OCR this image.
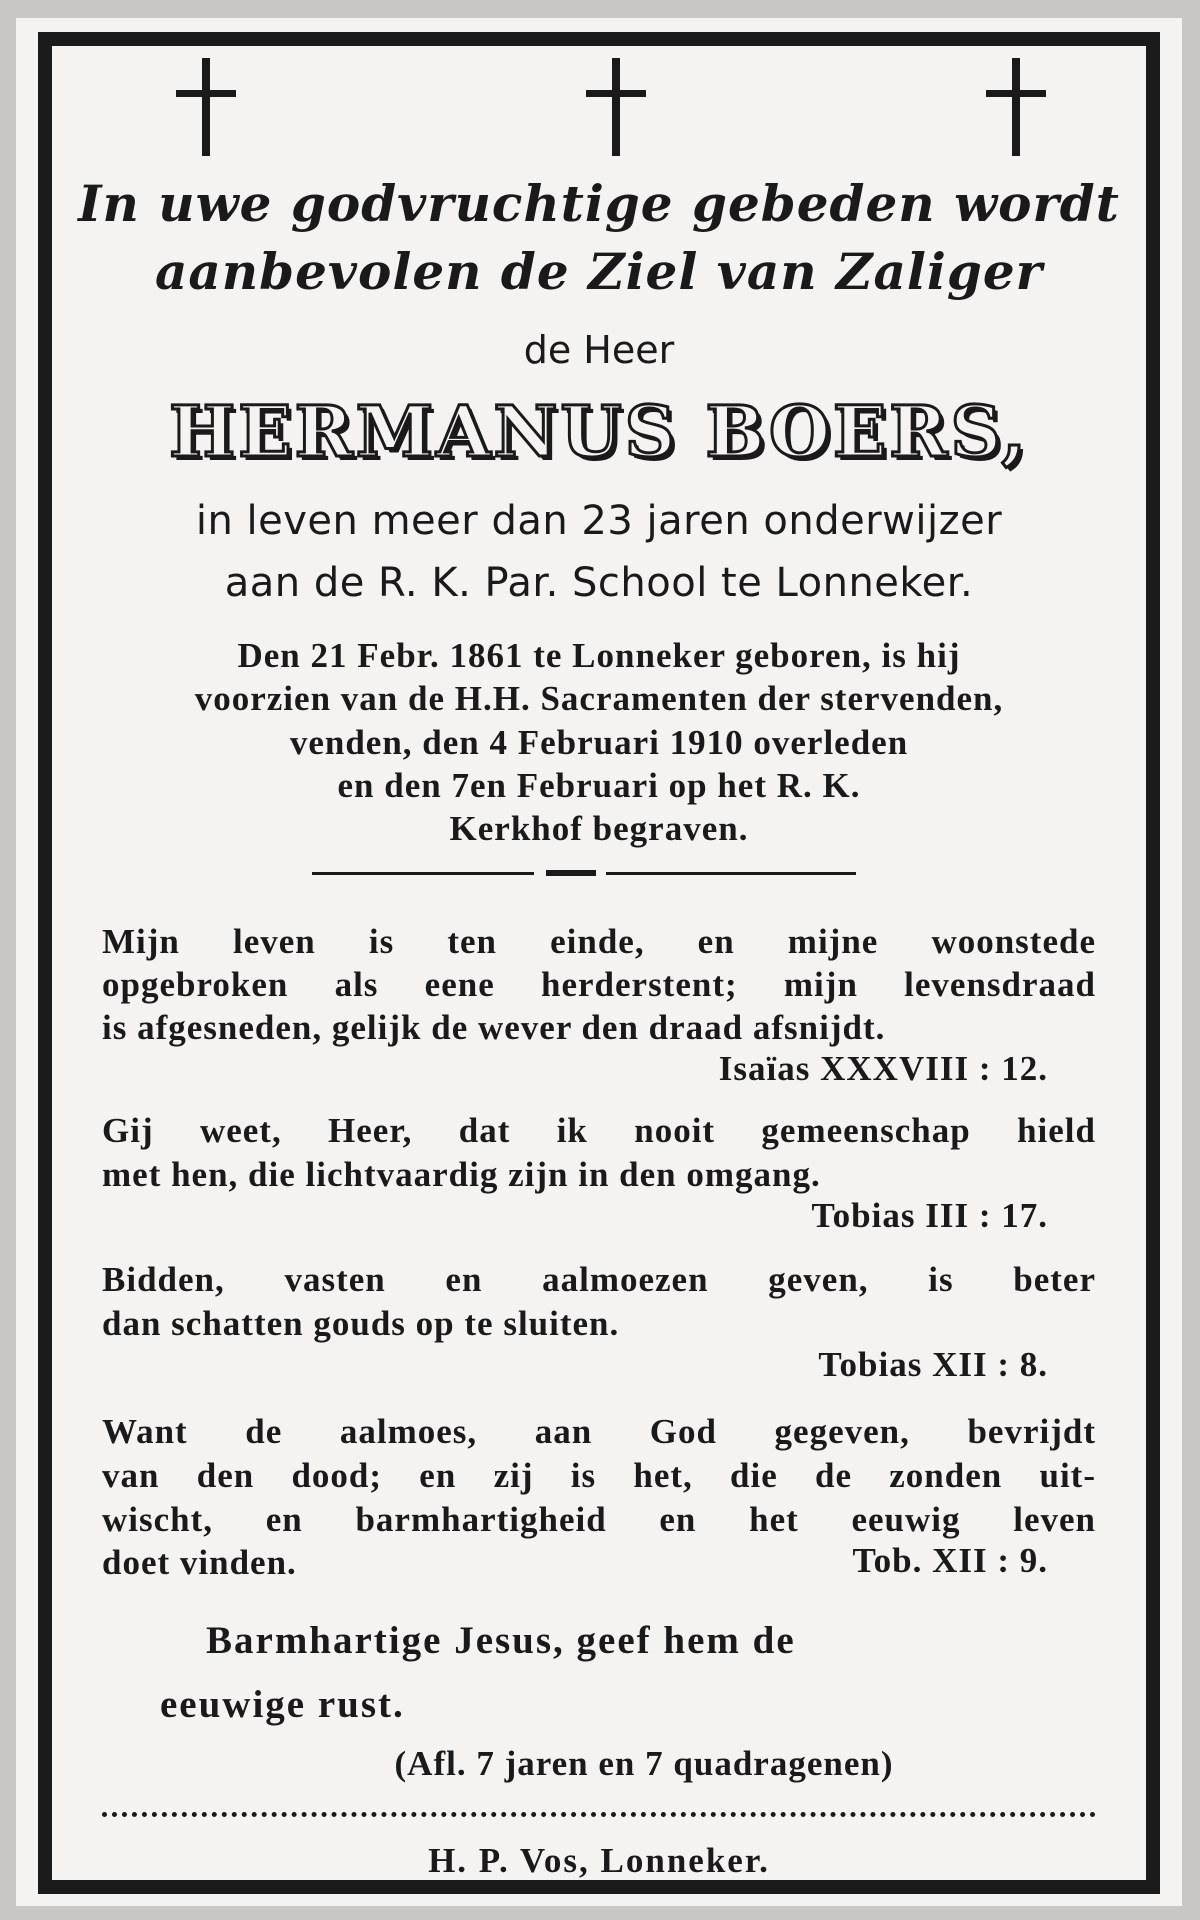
In uwe godvruchtige gebeden wordt
aanbevolen de Ziel van Zaliger
de Heer
HERMANUS BOERS,
in leven meer dan 23 jaren onderwijzer
aan de R. K. Par. School te Lonneker.
Den 21 Febr. 1861 te Lonneker geboren, is hij
voorzien van de H.H. Sacramenten der stervenden,
venden, den 4 Februari 1910 overleden
en den 7en Februari op het R. K.
Kerkhof begraven.
Mijn leven is ten einde, en mijne woonstede
opgebroken als eene herderstent; mijn levensdraad
is afgesneden, gelijk de wever den draad afsnijdt.
Isaïas XXXVIII : 12.
Gij weet, Heer, dat ik nooit gemeenschap hield
met hen, die lichtvaardig zijn in den omgang.
Tobias III : 17.
Bidden, vasten en aalmoezen geven, is beter
dan schatten gouds op te sluiten.
Tobias XII : 8.
Want de aalmoes, aan God gegeven, bevrijdt
van den dood; en zij is het, die de zonden uit-
wischt, en barmhartigheid en het eeuwig leven
doet vinden.	Tob. XII : 9.
Barmhartige Jesus, geef hem de
eeuwige rust.
(Afl. 7 jaren en 7 quadragenen)
H. P. Vos, Lonneker.
